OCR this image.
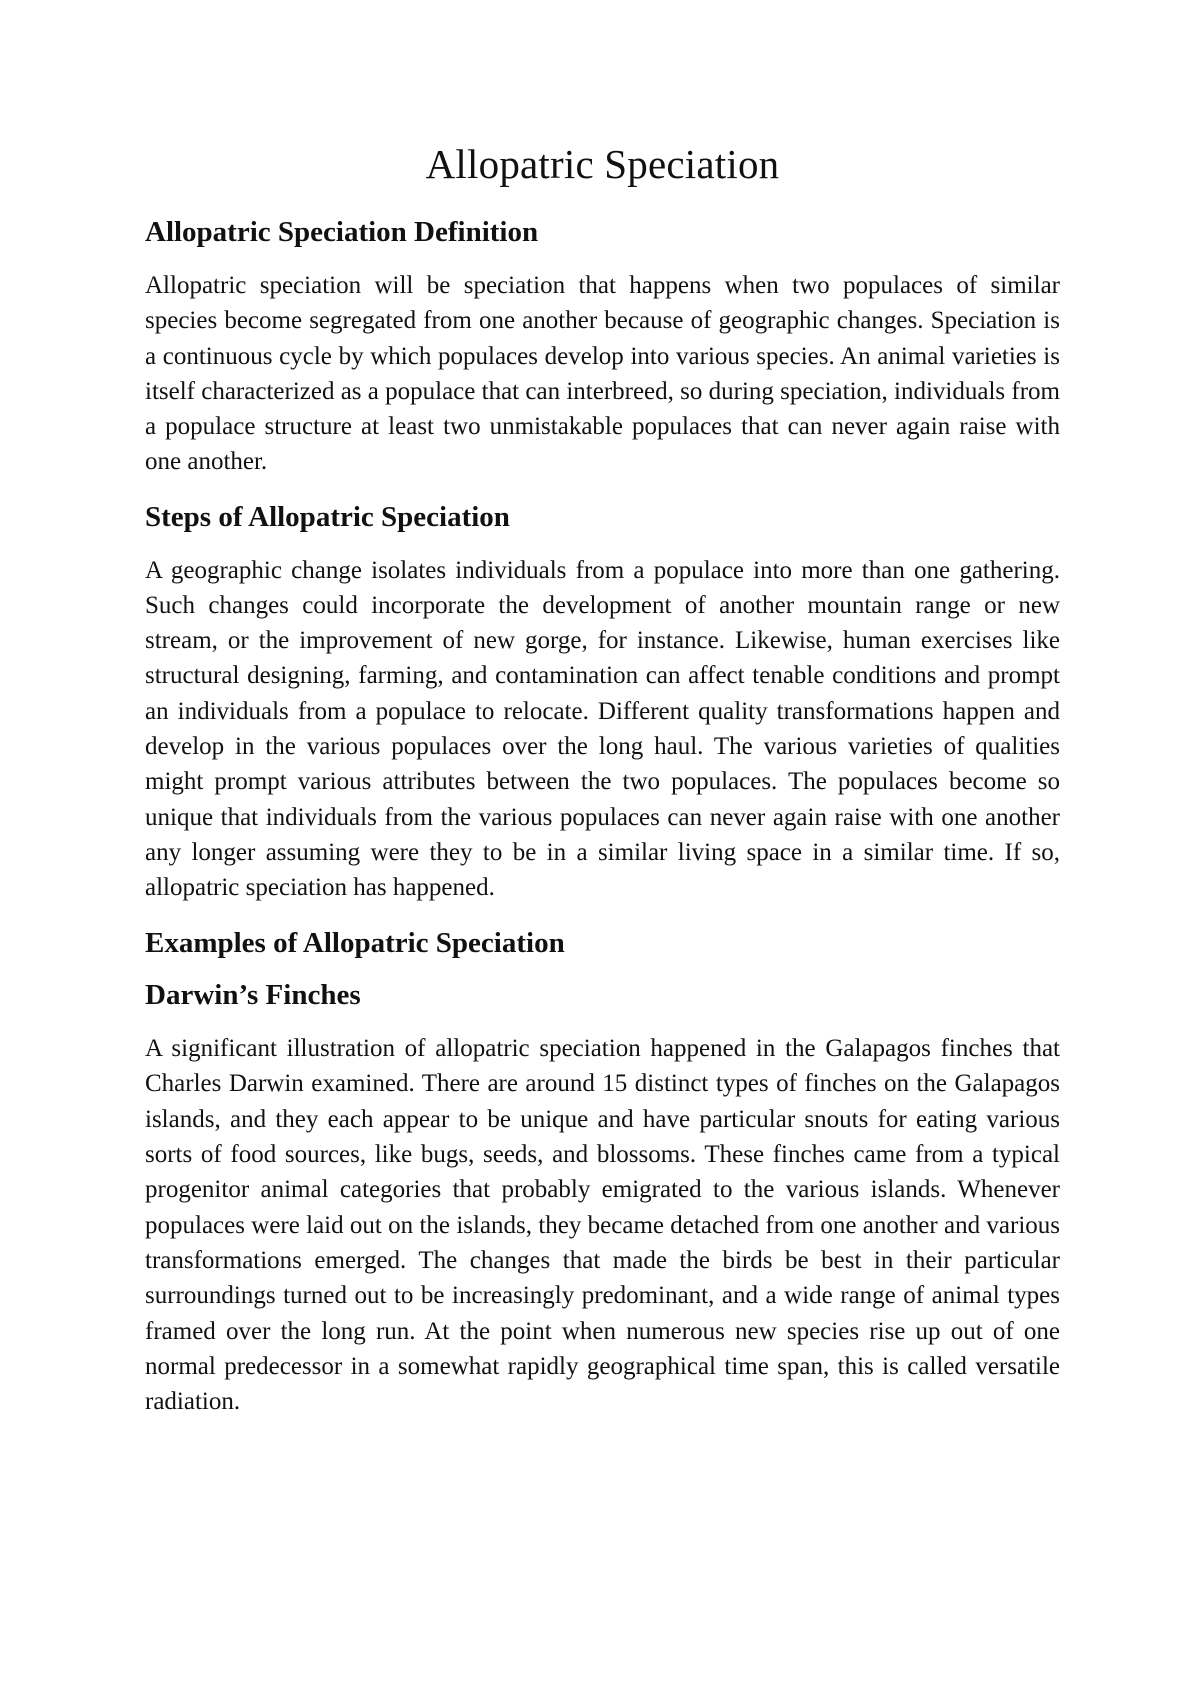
Allopatric Speciation
Allopatric Speciation Definition

Allopatric speciation will be speciation that happens when two populaces of similar species become segregated from one another because of geographic changes. Speciation is a continuous cycle by which populaces develop into various species. An animal varieties is itself characterized as a populace that can interbreed, so during speciation, individuals from a populace structure at least two unmistakable populaces that can never again raise with one another.

Steps of Allopatric Speciation

A geographic change isolates individuals from a populace into more than one gathering. Such changes could incorporate the development of another mountain range or new stream, or the improvement of new gorge, for instance. Likewise, human exercises like structural designing, farming, and contamination can affect tenable conditions and prompt an individuals from a populace to relocate. Different quality transformations happen and develop in the various populaces over the long haul. The various varieties of qualities might prompt various attributes between the two populaces. The populaces become so unique that individuals from the various populaces can never again raise with one another any longer assuming were they to be in a similar living space in a similar time. If so, allopatric speciation has happened.

Examples of Allopatric Speciation
Darwin’s Finches

A significant illustration of allopatric speciation happened in the Galapagos finches that Charles Darwin examined. There are around 15 distinct types of finches on the Galapagos islands, and they each appear to be unique and have particular snouts for eating various sorts of food sources, like bugs, seeds, and blossoms. These finches came from a typical progenitor animal categories that probably emigrated to the various islands. Whenever populaces were laid out on the islands, they became detached from one another and various transformations emerged. The changes that made the birds be best in their particular surroundings turned out to be increasingly predominant, and a wide range of animal types framed over the long run. At the point when numerous new species rise up out of one normal predecessor in a somewhat rapidly geographical time span, this is called versatile radiation.
